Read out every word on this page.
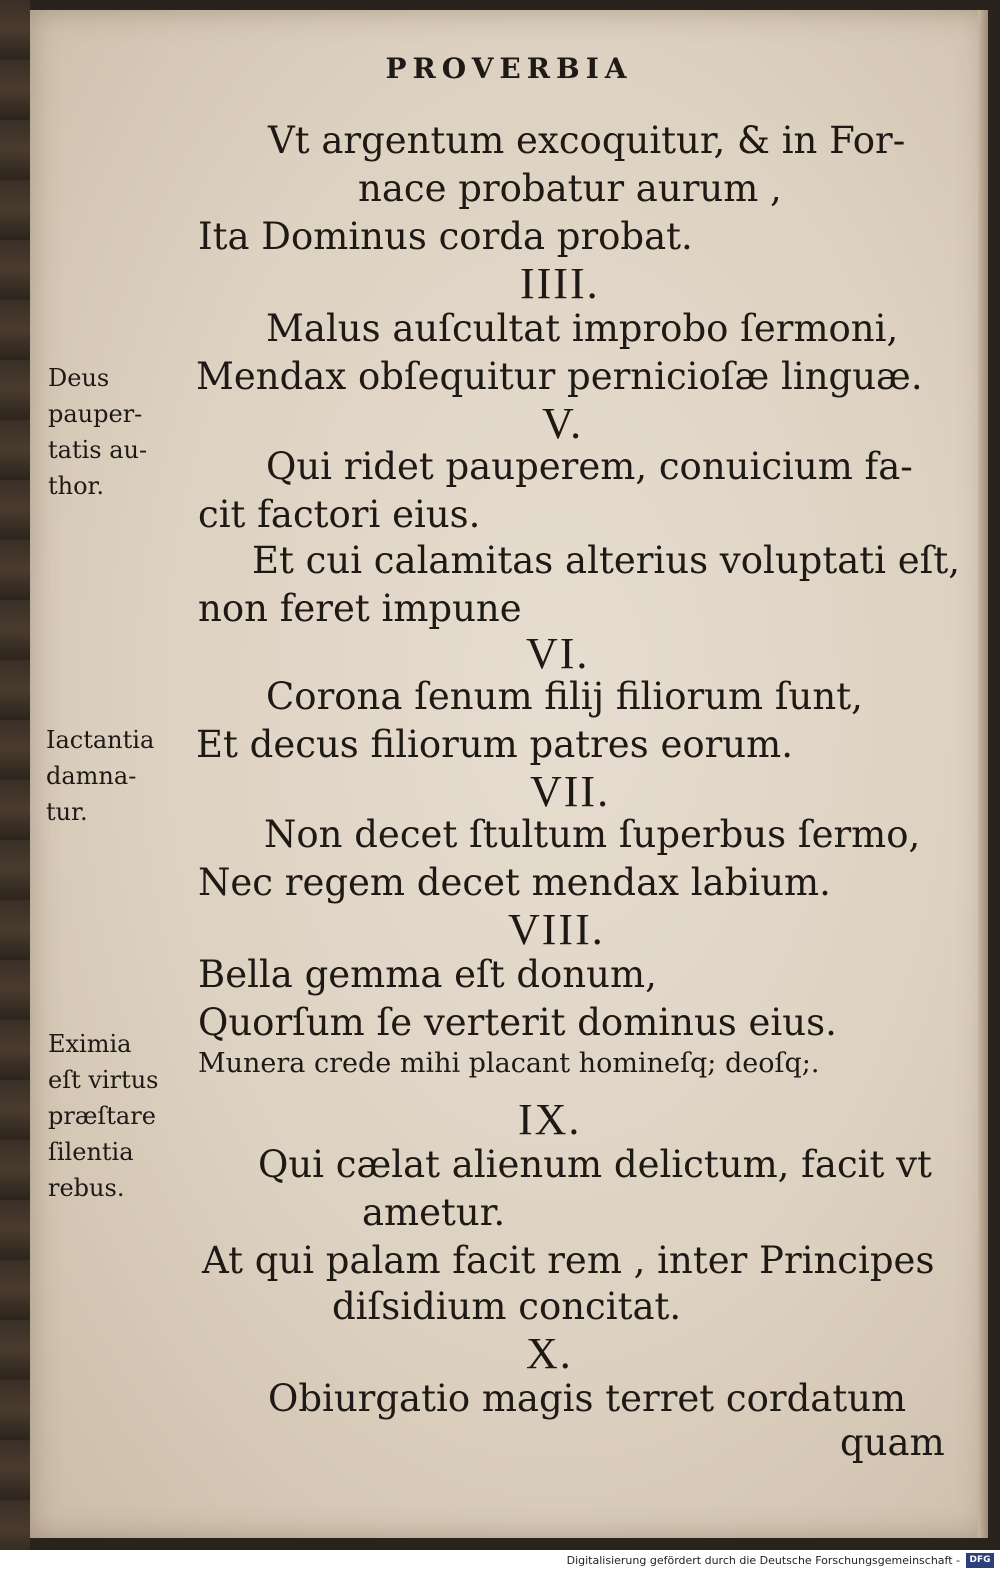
PROVERBIA
Vt argentum excoquitur, & in For-
nace probatur aurum ,
Ita Dominus corda probat.
IIII.
Malus auſcultat improbo ſermoni,
Mendax obſequitur pernicioſæ linguæ.
V.
Qui ridet pauperem, conuicium fa-
cit factori eius.
Et cui calamitas alterius voluptati eſt,
non feret impune
VI.
Corona ſenum filij filiorum ſunt,
Et decus filiorum patres eorum.
VII.
Non decet ſtultum ſuperbus ſermo,
Nec regem decet mendax labium.
VIII.
Bella gemma eſt donum,
Quorſum ſe verterit dominus eius.
Munera crede mihi placant homineſq; deoſq;.
IX.
Qui cælat alienum delictum, facit vt
ametur.
At qui palam facit rem , inter Principes
diſsidium concitat.
X.
Obiurgatio magis terret cordatum
quam
Deus
pauper-
tatis au-
thor.
Iactantia
damna-
tur.
Eximia
eſt virtus
præſtare
ſilentia
rebus.
Digitalisierung gefördert durch die Deutsche Forschungsgemeinschaft -	DFG
